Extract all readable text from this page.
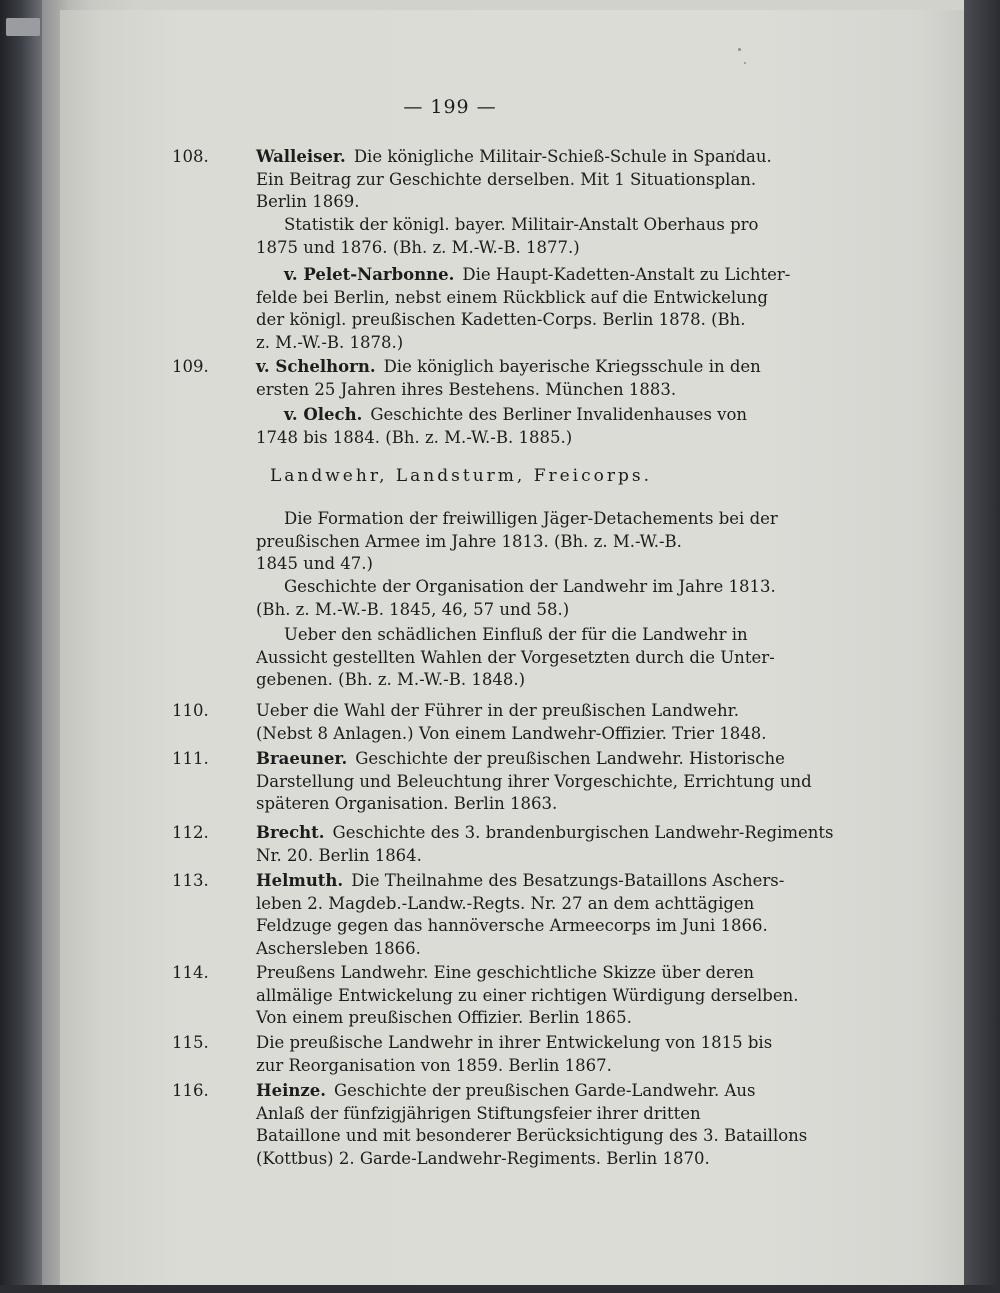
— 199 —
108.	Walleiser. Die königliche Militair-Schieß-Schule in Spandau.
Ein Beitrag zur Geschichte derselben. Mit 1 Situationsplan.
Berlin 1869.
Statistik der königl. bayer. Militair-Anstalt Oberhaus pro
1875 und 1876. (Bh. z. M.-W.-B. 1877.)
v. Pelet-Narbonne. Die Haupt-Kadetten-Anstalt zu Lichter-
felde bei Berlin, nebst einem Rückblick auf die Entwickelung
der königl. preußischen Kadetten-Corps. Berlin 1878. (Bh.
z. M.-W.-B. 1878.)
109.	v. Schelhorn. Die königlich bayerische Kriegsschule in den
ersten 25 Jahren ihres Bestehens. München 1883.
v. Olech. Geschichte des Berliner Invalidenhauses von
1748 bis 1884. (Bh. z. M.-W.-B. 1885.)
Landwehr, Landsturm, Freicorps.
Die Formation der freiwilligen Jäger-Detachements bei der
preußischen Armee im Jahre 1813. (Bh. z. M.-W.-B.
1845 und 47.)
Geschichte der Organisation der Landwehr im Jahre 1813.
(Bh. z. M.-W.-B. 1845, 46, 57 und 58.)
Ueber den schädlichen Einfluß der für die Landwehr in
Aussicht gestellten Wahlen der Vorgesetzten durch die Unter-
gebenen. (Bh. z. M.-W.-B. 1848.)
110.	Ueber die Wahl der Führer in der preußischen Landwehr.
(Nebst 8 Anlagen.) Von einem Landwehr-Offizier. Trier 1848.
111.	Braeuner. Geschichte der preußischen Landwehr. Historische
Darstellung und Beleuchtung ihrer Vorgeschichte, Errichtung und
späteren Organisation. Berlin 1863.
112.	Brecht. Geschichte des 3. brandenburgischen Landwehr-Regiments
Nr. 20. Berlin 1864.
113.	Helmuth. Die Theilnahme des Besatzungs-Bataillons Aschers-
leben 2. Magdeb.-Landw.-Regts. Nr. 27 an dem achttägigen
Feldzuge gegen das hannöversche Armeecorps im Juni 1866.
Aschersleben 1866.
114.	Preußens Landwehr. Eine geschichtliche Skizze über deren
allmälige Entwickelung zu einer richtigen Würdigung derselben.
Von einem preußischen Offizier. Berlin 1865.
115.	Die preußische Landwehr in ihrer Entwickelung von 1815 bis
zur Reorganisation von 1859. Berlin 1867.
116.	Heinze. Geschichte der preußischen Garde-Landwehr. Aus
Anlaß der fünfzigjährigen Stiftungsfeier ihrer dritten
Bataillone und mit besonderer Berücksichtigung des 3. Bataillons
(Kottbus) 2. Garde-Landwehr-Regiments. Berlin 1870.
